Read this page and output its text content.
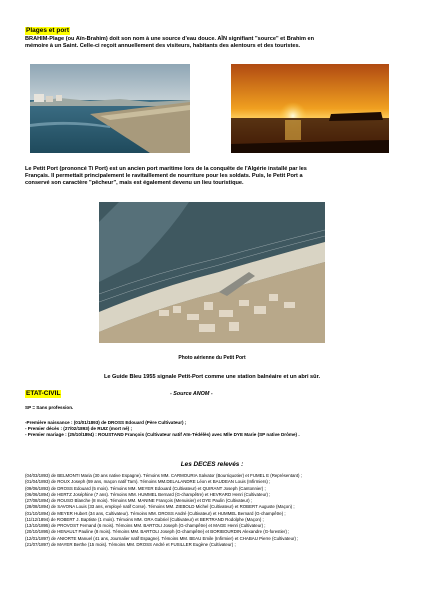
Plages et port
BRAHIM-Plage (ou Aïn-Brahim) doit son nom à une source d'eau douce. AÏN signifiant "source" et Brahim en
mémoire à un Saint. Celle-ci reçoit annuellement des visiteurs, habitants des alentours et des touristes.
Le Petit Port (prononcé Ti Port) est un ancien port maritime lors de la conquête de l'Algérie installé par les
Français. Il permettait principalement le ravitaillement de nourriture pour les soldats. Puis, le Petit Port a
conservé son caractère "pêcheur", mais est également devenu un lieu touristique.
Photo aérienne du Petit Port
Le Guide Bleu 1955 signale Petit-Port comme une station balnéaire et un abri sûr.
ETAT-CIVIL	- Source ANOM -
SP = Sans profession.
-Première naissance : (01/01/1893) de DROSS Edouard (Père Cultivateur) ;
- Premier décès : (27/02/1893) de RUIZ (mort né) ;
- Premier mariage : (25/10/1894) : ROUSTAND François (Cultivateur natif Aïn-Tédélès) avec Mlle DYE Marie (SP native Drôme) .
Les DECES relevés :
(04/03/1893) de BELMONTI Maria (30 ans native Espagne). Témoins MM. CARMOURIA Salvator (Bourriquotier) et FUMEL E (Représentant) ;
(01/04/1893) de ROUX Joseph (59 ans, maçon natif Tarn). Témoins MM.DELALANDRE Léon et BAUDEAN Louis (Infirmiers) ;
(09/06/1893) de DROSS Edouard (5 mois). Témoins MM. MEYER Edouard (Cultivateur) et QUIRANT Joseph (Cantonnier) ;
(06/06/1894) de HERTZ Joséphine (7 ans). Témoins MM. HUMMEL Bernard (G-champêtre) et HEVRARD Henri (Cultivateur) ;
(27/08/1894) de ROUSO Blanche (8 mois). Témoins MM. MANINE François (Menuisier) et DYE Paulin (Cultivateur) ;
(28/08/1894) de SAVONA Louis (33 ans, employé natif Corse). Témoins MM. ZIEBOLD Michel (Cultivateur) et ROBERT Auguste (Maçon) ;
(01/10/1894) de MEYER Hubert (34 ans, Cultivateur). Témoins MM. DROSS André (Cultivateur) et HUMMEL Bernard (G-champêtre) ;
(11/12/1894) de ROBERT J. Baptiste (1 mois). Témoins MM. GRA Gabriel (Cultivateur) et BERTRAND Rodolphe (Maçon) ;
(13/10/1895) de PROVOST Fernand (6 mois). Témoins MM. BARTOLI Joseph (G-champêtre) et MAGE Henri (Cultivateur) ;
(20/10/1895) de HENAULT Pauline (8 mois). Témoins MM. BARTOLI Joseph (G-champêtre) et BORIBOURDIN Alexandre (G-forestier) ;
(12/01/1897) de ANIORTE Manuel (41 ans, Journalier natif Espagne). Témoins MM. BEAU Emile (Infirmier) et CHABAU Pierre (Cultivateur) ;
(21/07/1897) de MAYER Berthe (15 mois). Témoins MM. DROSS André et FUSILLER Eugène (Cultivateur) ;
